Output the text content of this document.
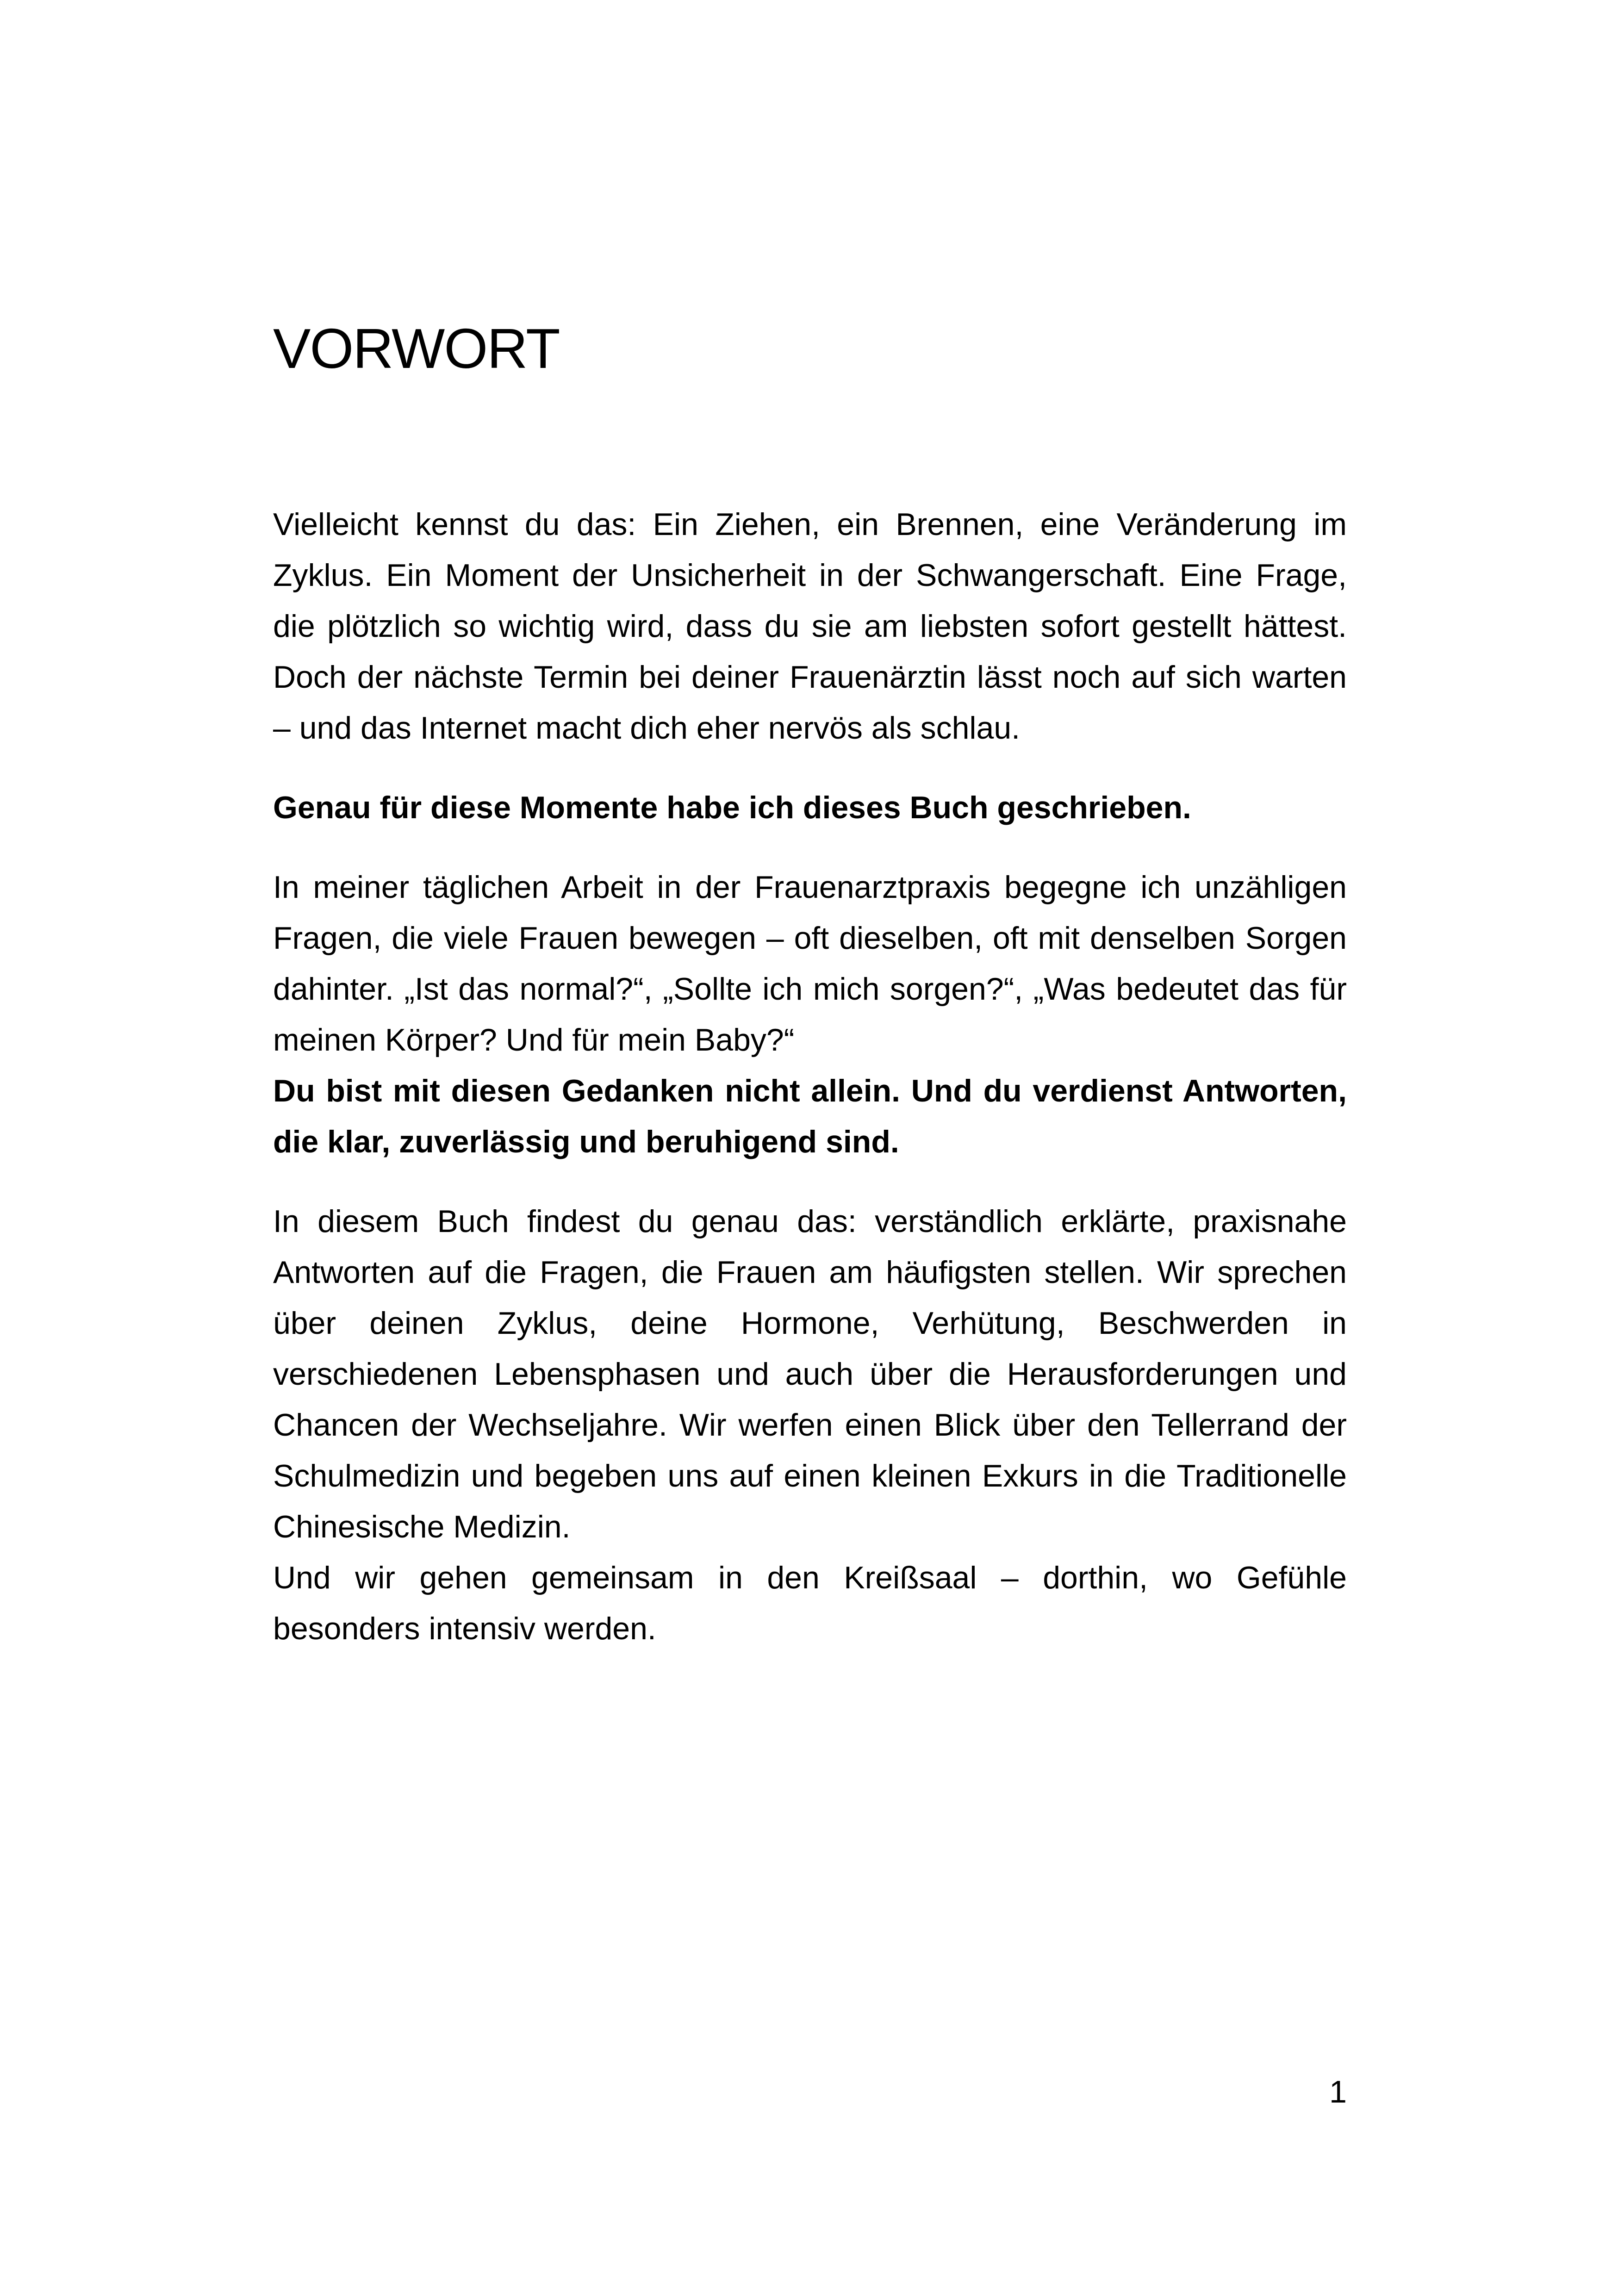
VORWORT

Vielleicht kennst du das: Ein Ziehen, ein Brennen, eine Veränderung im Zyklus. Ein Moment der Unsicherheit in der Schwangerschaft. Eine Frage, die plötzlich so wichtig wird, dass du sie am liebsten sofort gestellt hättest. Doch der nächste Termin bei deiner Frauenärztin lässt noch auf sich warten – und das Internet macht dich eher nervös als schlau.

Genau für diese Momente habe ich dieses Buch geschrieben.

In meiner täglichen Arbeit in der Frauenarztpraxis begegne ich unzähligen Fragen, die viele Frauen bewegen – oft dieselben, oft mit denselben Sorgen dahinter. „Ist das normal?“, „Sollte ich mich sorgen?“, „Was bedeutet das für meinen Körper? Und für mein Baby?“
Du bist mit diesen Gedanken nicht allein. Und du verdienst Antworten, die klar, zuverlässig und beruhigend sind.

In diesem Buch findest du genau das: verständlich erklärte, praxisnahe Antworten auf die Fragen, die Frauen am häufigsten stellen. Wir sprechen über deinen Zyklus, deine Hormone, Verhütung, Beschwerden in verschiedenen Lebensphasen und auch über die Herausforderungen und Chancen der Wechseljahre. Wir werfen einen Blick über den Tellerrand der Schulmedizin und begeben uns auf einen kleinen Exkurs in die Traditionelle Chinesische Medizin.
Und wir gehen gemeinsam in den Kreißsaal – dorthin, wo Gefühle besonders intensiv werden.

1
